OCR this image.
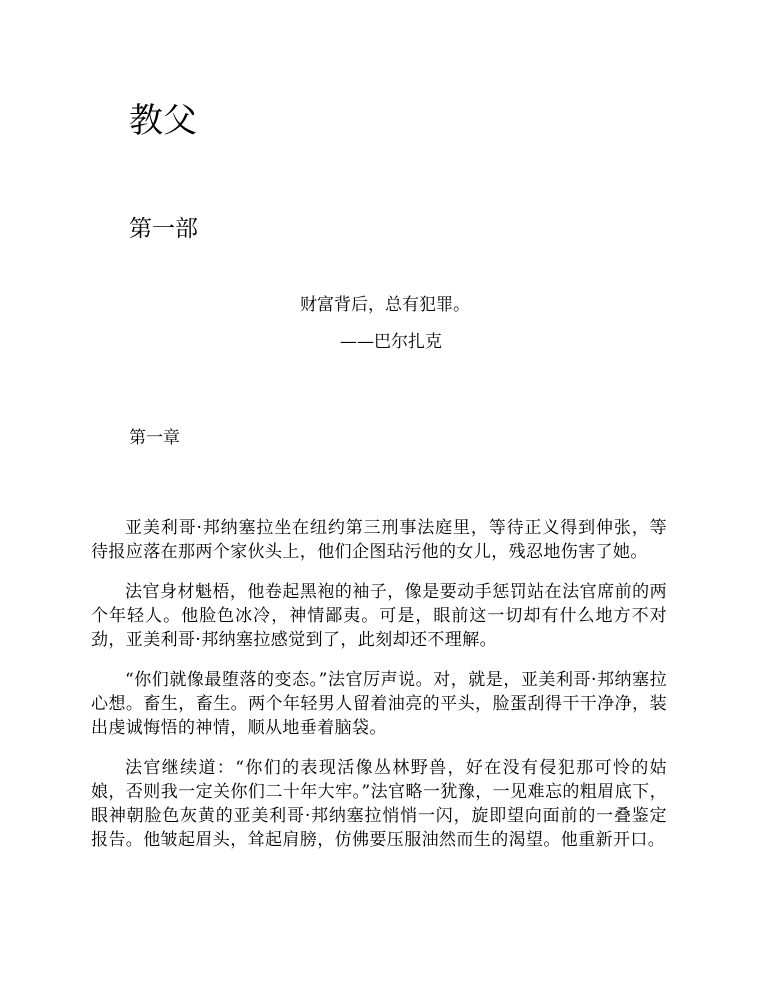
教父
第一部
财富背后，总有犯罪。
——巴尔扎克
第一章

亚美利哥·邦纳塞拉坐在纽约第三刑事法庭里，等待正义得到伸张，等待报应落在那两个家伙头上，他们企图玷污他的女儿，残忍地伤害了她。

法官身材魁梧，他卷起黑袍的袖子，像是要动手惩罚站在法官席前的两个年轻人。他脸色冰冷，神情鄙夷。可是，眼前这一切却有什么地方不对劲，亚美利哥·邦纳塞拉感觉到了，此刻却还不理解。

“你们就像最堕落的变态。”法官厉声说。对，就是，亚美利哥·邦纳塞拉心想。畜生，畜生。两个年轻男人留着油亮的平头，脸蛋刮得干干净净，装出虔诚悔悟的神情，顺从地垂着脑袋。

法官继续道：“你们的表现活像丛林野兽，好在没有侵犯那可怜的姑娘，否则我一定关你们二十年大牢。”法官略一犹豫，一见难忘的粗眉底下，眼神朝脸色灰黄的亚美利哥·邦纳塞拉悄悄一闪，旋即望向面前的一叠鉴定报告。他皱起眉头，耸起肩膀，仿佛要压服油然而生的渴望。他重新开口。
